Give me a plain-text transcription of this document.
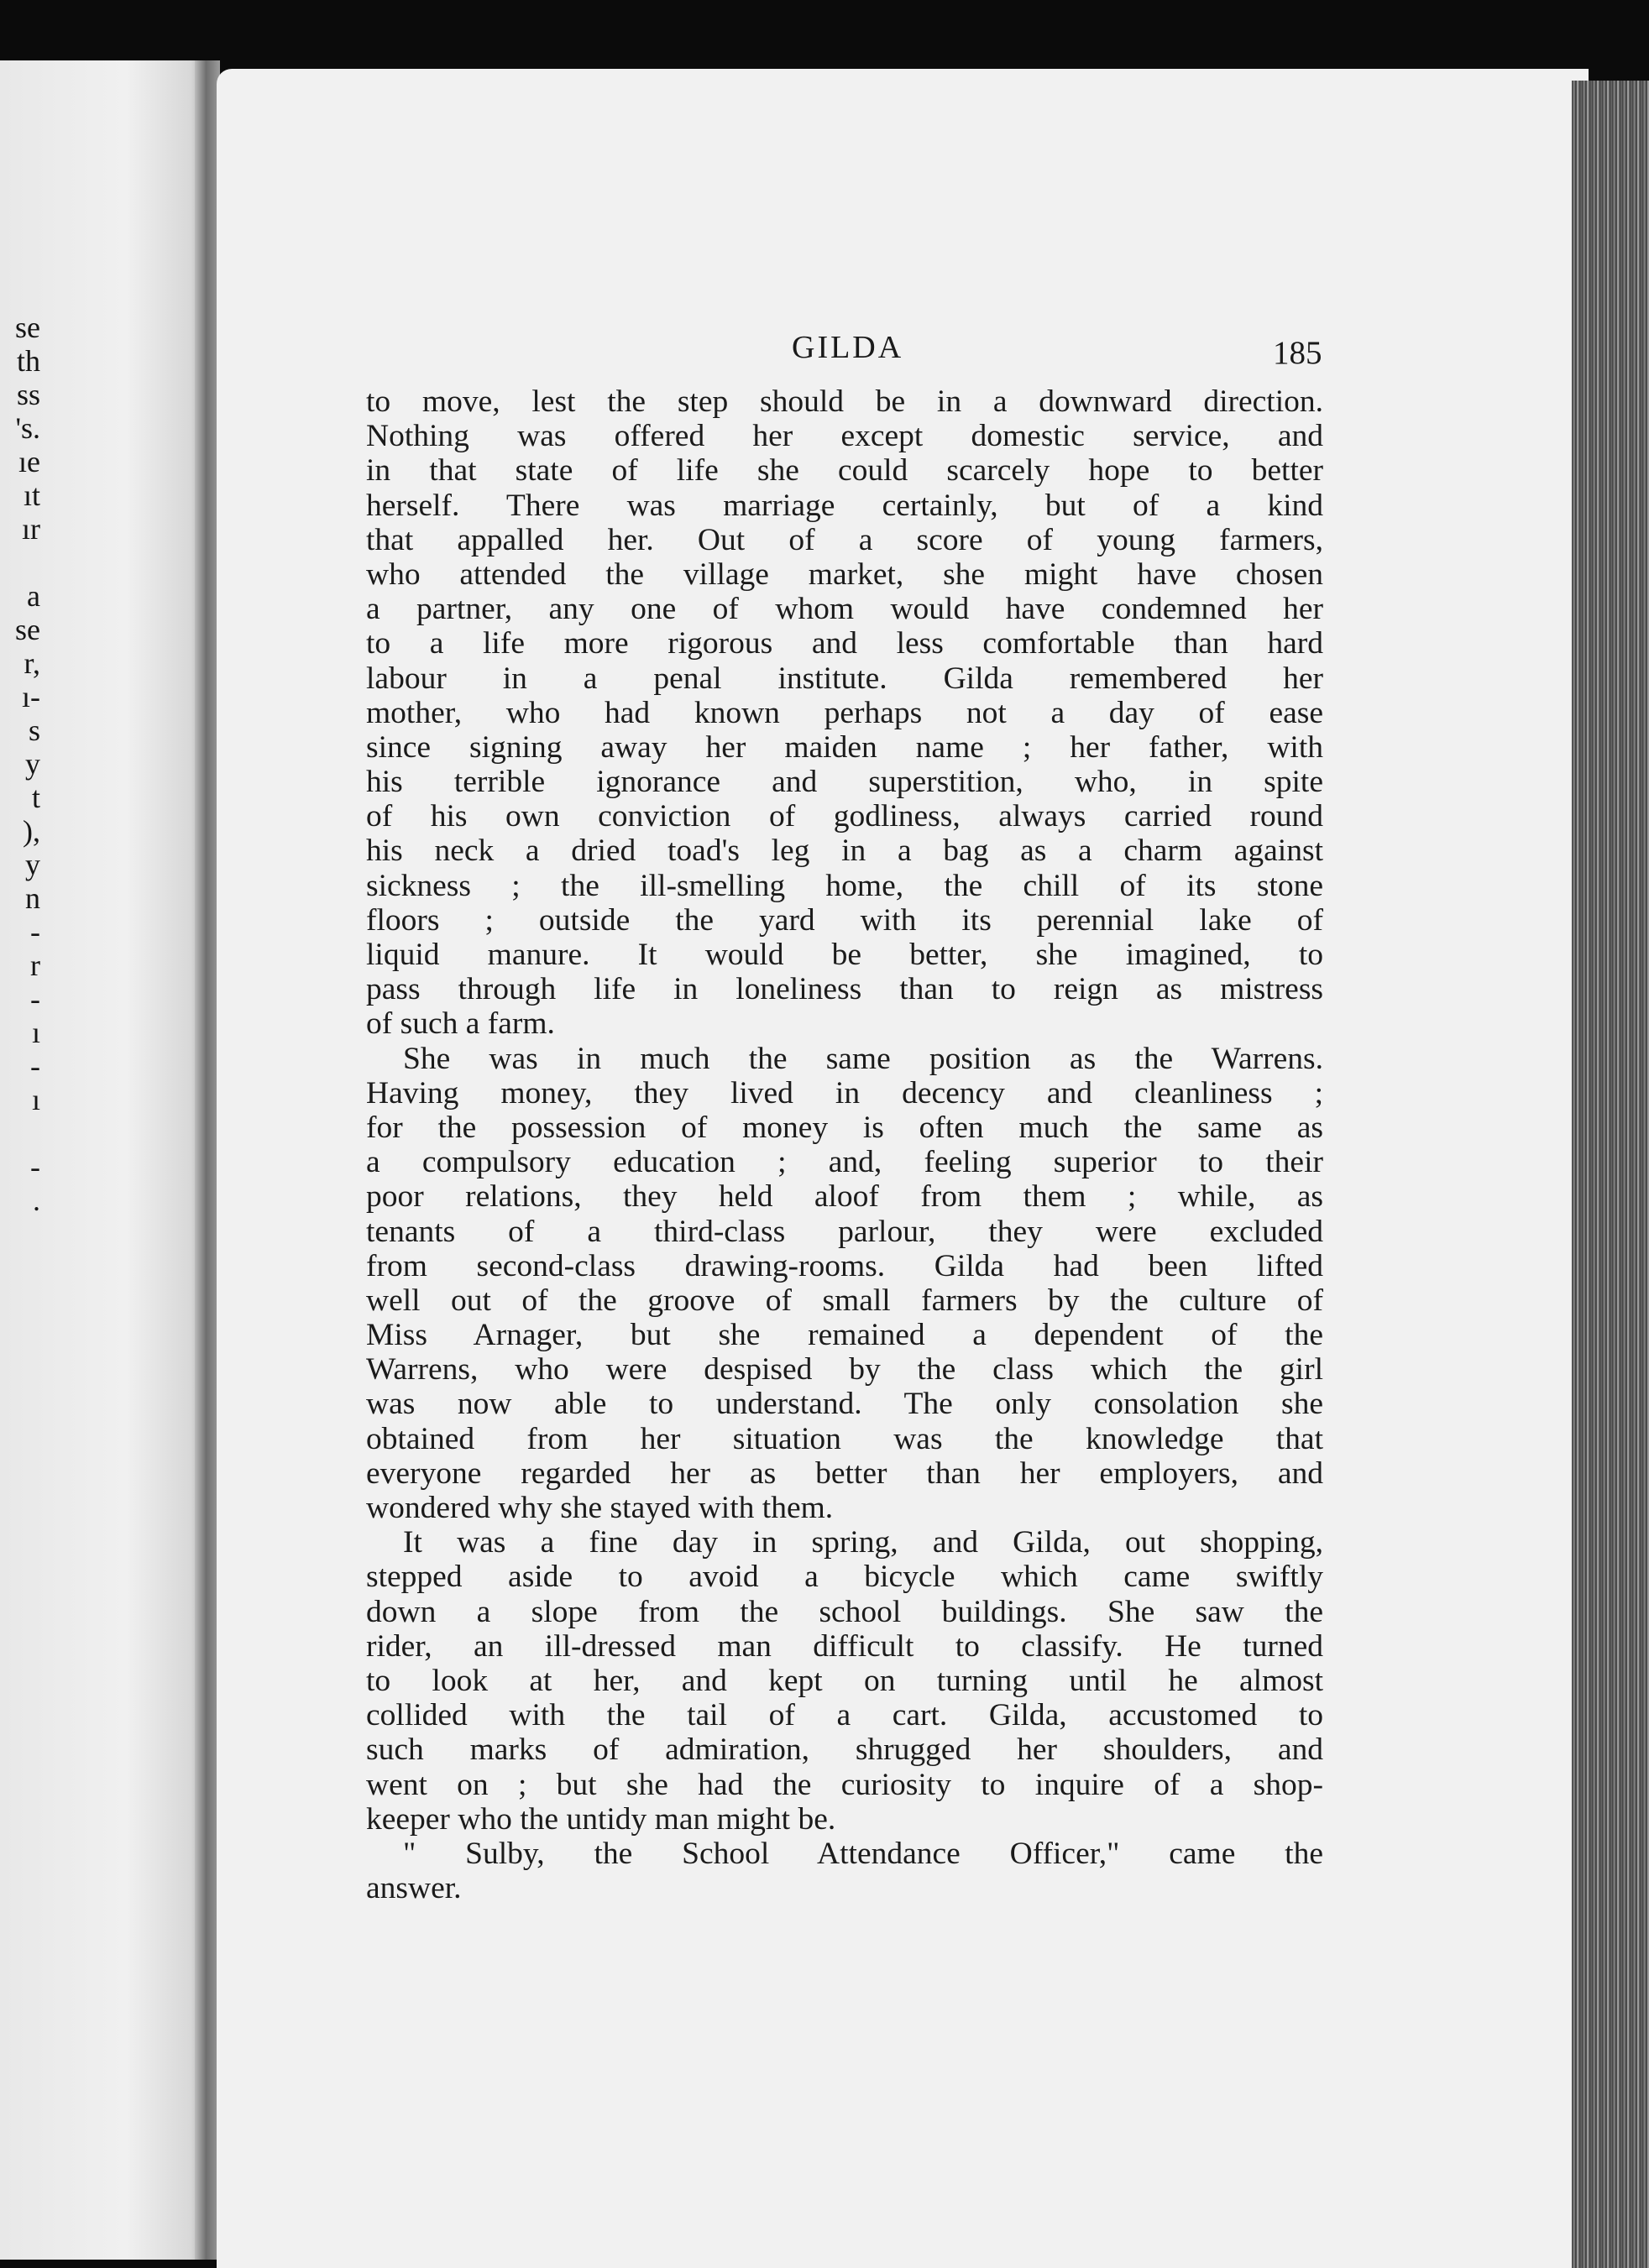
se
th
ss
's.
ıe
ıt
ır
a
se
r,
ı-
s
y
t
),
y
n
-
r
-
ı
-
ı
-
.
GILDA	185
to move, lest the step should be in a downward direction.
Nothing was offered her except domestic service, and
in that state of life she could scarcely hope to better
herself. There was marriage certainly, but of a kind
that appalled her. Out of a score of young farmers,
who attended the village market, she might have chosen
a partner, any one of whom would have condemned her
to a life more rigorous and less comfortable than hard
labour in a penal institute. Gilda remembered her
mother, who had known perhaps not a day of ease
since signing away her maiden name ; her father, with
his terrible ignorance and superstition, who, in spite
of his own conviction of godliness, always carried round
his neck a dried toad's leg in a bag as a charm against
sickness ; the ill-smelling home, the chill of its stone
floors ; outside the yard with its perennial lake of
liquid manure. It would be better, she imagined, to
pass through life in loneliness than to reign as mistress
of such a farm.
She was in much the same position as the Warrens.
Having money, they lived in decency and cleanliness ;
for the possession of money is often much the same as
a compulsory education ; and, feeling superior to their
poor relations, they held aloof from them ; while, as
tenants of a third-class parlour, they were excluded
from second-class drawing-rooms. Gilda had been lifted
well out of the groove of small farmers by the culture of
Miss Arnager, but she remained a dependent of the
Warrens, who were despised by the class which the girl
was now able to understand. The only consolation she
obtained from her situation was the knowledge that
everyone regarded her as better than her employers, and
wondered why she stayed with them.
It was a fine day in spring, and Gilda, out shopping,
stepped aside to avoid a bicycle which came swiftly
down a slope from the school buildings. She saw the
rider, an ill-dressed man difficult to classify. He turned
to look at her, and kept on turning until he almost
collided with the tail of a cart. Gilda, accustomed to
such marks of admiration, shrugged her shoulders, and
went on ; but she had the curiosity to inquire of a shop-
keeper who the untidy man might be.
" Sulby, the School Attendance Officer," came the
answer.
